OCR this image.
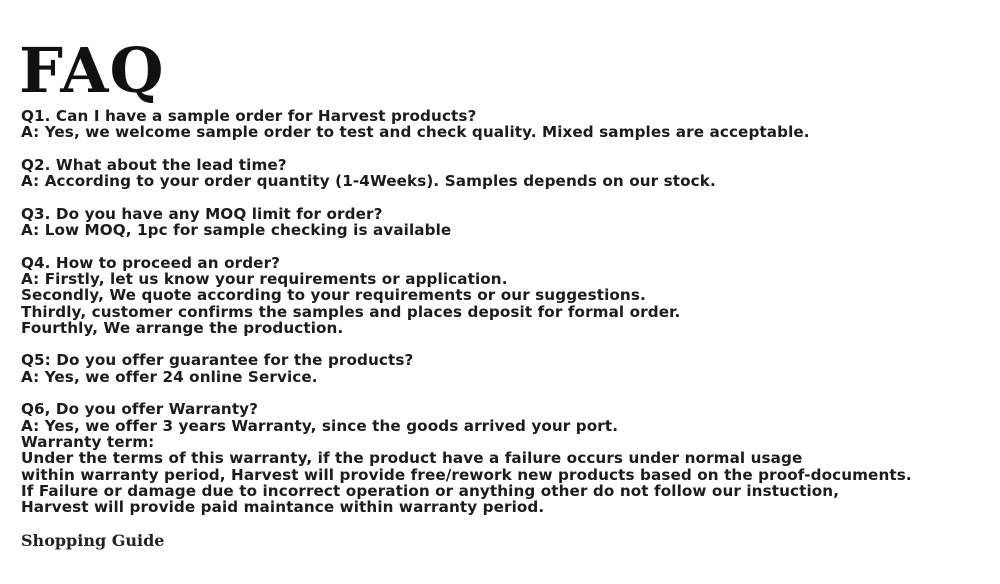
FAQ
Q1. Can I have a sample order for Harvest products?
A: Yes, we welcome sample order to test and check quality. Mixed samples are acceptable.
Q2. What about the lead time?
A: According to your order quantity (1-4Weeks). Samples depends on our stock.
Q3. Do you have any MOQ limit for order?
A: Low MOQ, 1pc for sample checking is available
Q4. How to proceed an order?
A: Firstly, let us know your requirements or application.
Secondly, We quote according to your requirements or our suggestions.
Thirdly, customer confirms the samples and places deposit for formal order.
Fourthly, We arrange the production.
Q5: Do you offer guarantee for the products?
A: Yes, we offer 24 online Service.
Q6, Do you offer Warranty?
A: Yes, we offer 3 years Warranty, since the goods arrived your port.
Warranty term:
Under the terms of this warranty, if the product have a failure occurs under normal usage
within warranty period, Harvest will provide free/rework new products based on the proof-documents.
If Failure or damage due to incorrect operation or anything other do not follow our instuction,
Harvest will provide paid maintance within warranty period.
Shopping Guide
